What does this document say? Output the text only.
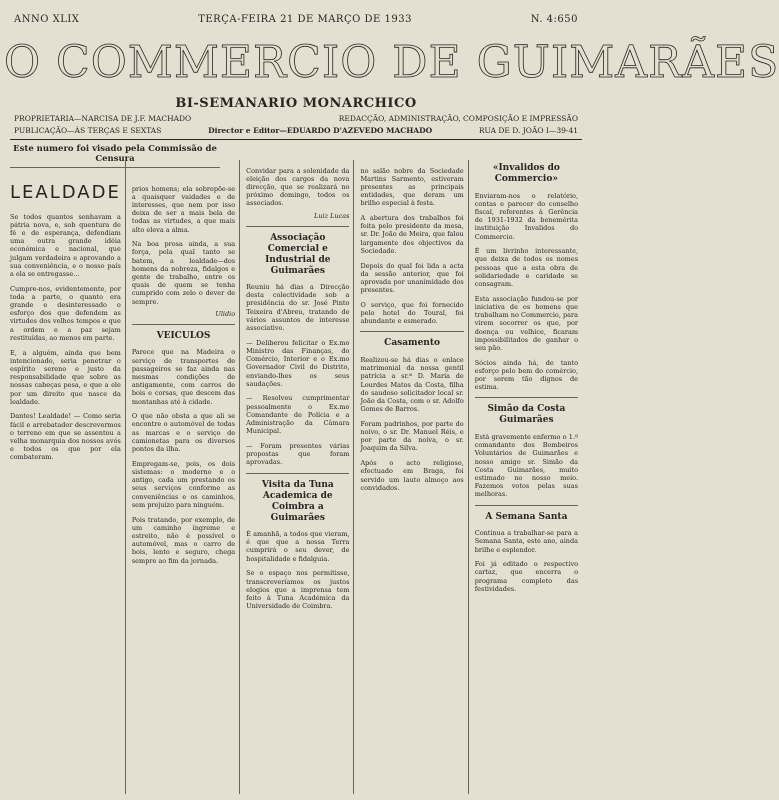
ANNO XLIX	TERÇA-FEIRA 21 DE MARÇO DE 1933	N. 4:650
O COMMERCIO DE GUIMARÃES
BI-SEMANARIO MONARCHICO
PROPRIETARIA—NARCISA DE J.F. MACHADO	REDACÇÃO, ADMINISTRAÇÃO, COMPOSIÇÃO E IMPRESSÃO
PUBLICAÇÃO—ÀS TERÇAS E SEXTAS	Director e Editor—EDUARDO D'AZEVEDO MACHADO	RUA DE D. JOÃO I—39-41
Este numero foi visado pela Commissão de Censura
LEALDADE

Se todos quantos sonhavam a pátria nova, e, sob quentura de fé e de esperança, defendiam uma outra grande idéia económica e nacional, que julgam verdadeira e aprovando a sua conveniência, e o nosso país a ela se entregasse...

Cumpre-nos, evidentemente, por toda a parte, o quanto era grande e desinteressado o esforço dos que defendem as virtudes dos velhos tempos e que a ordem e a paz sejam restituídas, ao menos em parte.

E, a alguém, ainda que bem intencionado, seria penetrar o espírito sereno e justo da responsabilidade que sobre as nossas cabeças pesa, e que a ele por um direito que nasce da lealdade.

Dantes! Lealdade! — Como seria fácil e arrebatador descrevermos o terreno em que se assentou a velha monarquia dos nossos avós e todos os que por ela combateram.

prios homens; ela sobrepõe-se a quaisquer vaidades e de interesses, que nem por isso deixa de ser a mais bela de todas as virtudes, a que mais alto eleva a alma.

Na boa prosa ainda, a sua força, pela qual tanto se batem, a lealdade—dos homens da nobreza, fidalgos e gente de trabalho, entre os quais de quem se tenha cumprido com zelo o dever de sempre.

Ulidio
VEICULOS

Parece que na Madeira o serviço de transportes de passageiros se faz ainda nas mesmas condições de antigamente, com carros de bois e corsas, que descem das montanhas até à cidade.

O que não obsta a que ali se encontre o automóvel de todas as marcas e o serviço de camionetas para os diversos pontos da ilha.

Empregam-se, pois, os dois sistemas: o moderno e o antigo, cada um prestando os seus serviços conforme as conveniências e os caminhos, sem prejuízo para ninguém.

Pois tratando, por exemplo, de um caminho íngreme e estreito, não é possível o automóvel, mas o carro de bois, lento e seguro, chega sempre ao fim da jornada.

Convidar para a solenidade da eleição dos cargos da nova direcção, que se realizará no próximo domingo, todos os associados.

Luiz Lucas
Associação Comercial e Industrial de Guimarães

Reuniu há dias a Direcção desta colectividade sob a presidência do sr. José Pinto Teixeira d'Abreu, tratando de vários assuntos de interesse associativo.

— Deliberou felicitar o Ex.mo Ministro das Finanças, do Comércio, Interior e o Ex.mo Governador Civil do Distrito, enviando-lhes os seus saudações.

— Resolveu cumprimentar pessoalmente o Ex.mo Comandante de Polícia e a Administração da Câmara Municipal.

— Foram presentes várias propostas que foram aprovadas.

Visita da Tuna Academica de Coimbra a Guimarães

É amanhã, a todos que vieram, é que que a nossa Terra cumprirá o seu dever, de hospitalidade e fidalguia.

Se o espaço nos permitisse, transcreveríamos os justos elogios que a imprensa tem feito à Tuna Académica da Universidade de Coimbra.

no salão nobre da Sociedade Martins Sarmento, estiveram presentes as principais entidades, que deram um brilho especial à festa.

A abertura dos trabalhos foi feita pelo presidente da mesa, sr. Dr. João de Meira, que falou largamente dos objectivos da Sociedade.

Depois do qual foi lida a acta da sessão anterior, que foi aprovada por unanimidade dos presentes.

O serviço, que foi fornecido pelo hotel do Toural, foi abundante e esmerado.

Casamento

Realizou-se há dias o enlace matrimonial da nossa gentil patrícia a sr.ª D. Maria de Lourdes Matos da Costa, filha do saudoso solicitador local sr. João da Costa, com o sr. Adolfo Gomes de Barros.

Foram padrinhos, por parte do noivo, o sr. Dr. Manuel Réis, e por parte da noiva, o sr. Joaquim da Silva.

Após o acto religioso, efectuado em Braga, foi servido um lauto almoço aos convidados.

«Invalidos do Commercio»

Enviaram-nos o relatório, contas e parecer do conselho fiscal, referentes à Gerência de 1931-1932 da benemérita instituição Invalidos do Commercio.

É um livrinho interessante, que deixa de todos os nomes pessoas que a esta obra de solidariedade e caridade se consagram.

Esta associação fundou-se por iniciativa de os homens que trabalham no Commercio, para virem socorrer os que, por doença ou velhice, ficaram impossibilitados de ganhar o seu pão.

Sócios ainda há, de tanto esforço pelo bem do comércio, por serem tão dignos de estima.

Simão da Costa Guimarães

Está gravemente enfermo o 1.º comandante dos Bombeiros Voluntários de Guimarães e nosso amigo sr. Simão da Costa Guimarães, muito estimado no nosso meio. Fazemos votos pelas suas melhoras.

A Semana Santa

Continua a trabalhar-se para a Semana Santa, este ano, ainda brilhe e esplendor.

Foi já editado o respectivo cartaz, que encerra o programa completo das festividades.
